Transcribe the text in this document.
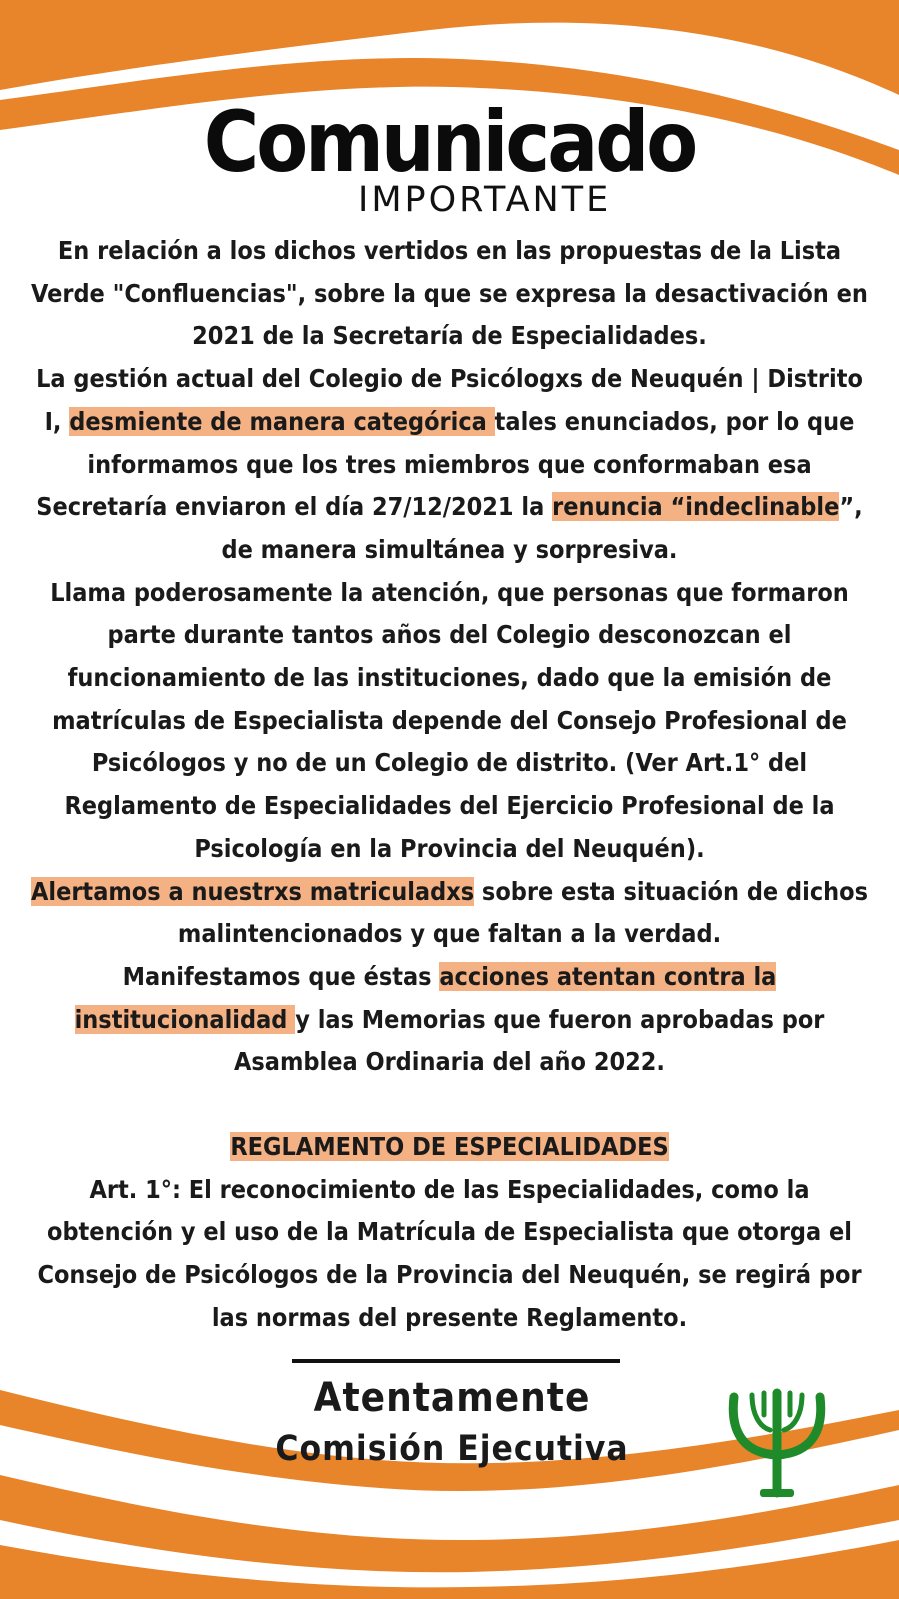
Comunicado
IMPORTANTE

En relación a los dichos vertidos en las propuestas de la Lista Verde "Confluencias", sobre la que se expresa la desactivación en 2021 de la Secretaría de Especialidades.

La gestión actual del Colegio de Psicólogxs de Neuquén | Distrito I, desmiente de manera categórica tales enunciados, por lo que informamos que los tres miembros que conformaban esa Secretaría enviaron el día 27/12/2021 la renuncia “indeclinable”, de manera simultánea y sorpresiva.

Llama poderosamente la atención, que personas que formaron parte durante tantos años del Colegio desconozcan el funcionamiento de las instituciones, dado que la emisión de matrículas de Especialista depende del Consejo Profesional de Psicólogos y no de un Colegio de distrito. (Ver Art.1° del Reglamento de Especialidades del Ejercicio Profesional de la Psicología en la Provincia del Neuquén).

Alertamos a nuestrxs matriculadxs sobre esta situación de dichos malintencionados y que faltan a la verdad.

Manifestamos que éstas acciones atentan contra la institucionalidad y las Memorias que fueron aprobadas por Asamblea Ordinaria del año 2022.

REGLAMENTO DE ESPECIALIDADES

Art. 1°: El reconocimiento de las Especialidades, como la obtención y el uso de la Matrícula de Especialista que otorga el Consejo de Psicólogos de la Provincia del Neuquén, se regirá por las normas del presente Reglamento.

Atentamente
Comisión Ejecutiva
